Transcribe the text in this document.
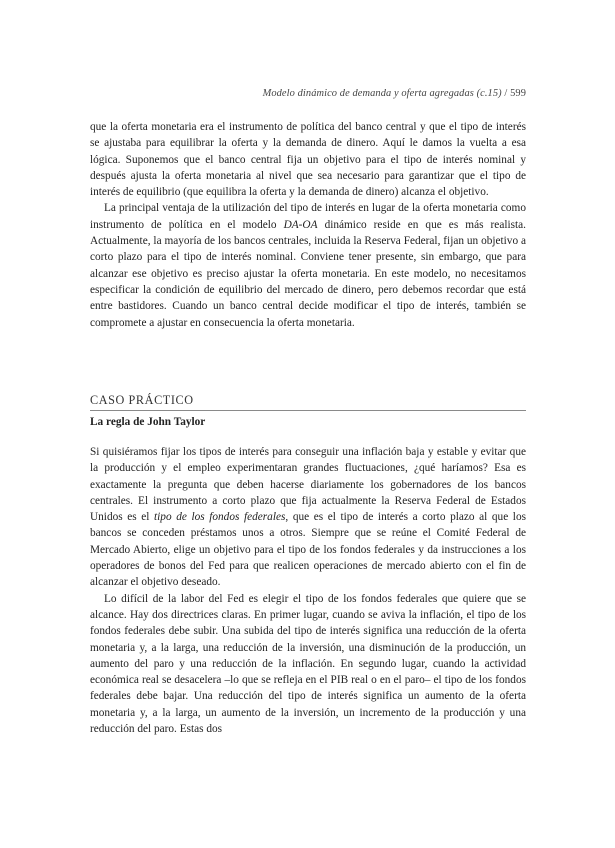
Modelo dinámico de demanda y oferta agregadas (c.15) / 599

que la oferta monetaria era el instrumento de política del banco central y que el tipo de interés se ajustaba para equilibrar la oferta y la demanda de dinero. Aquí le damos la vuelta a esa lógica. Suponemos que el banco central fija un objetivo para el tipo de interés nominal y después ajusta la oferta monetaria al nivel que sea necesario para garantizar que el tipo de interés de equilibrio (que equilibra la oferta y la demanda de dinero) alcanza el objetivo.

La principal ventaja de la utilización del tipo de interés en lugar de la oferta monetaria como instrumento de política en el modelo DA-OA dinámico reside en que es más realista. Actualmente, la mayoría de los bancos centrales, incluida la Reserva Federal, fijan un objetivo a corto plazo para el tipo de interés nominal. Conviene tener presente, sin embargo, que para alcanzar ese objetivo es preciso ajustar la oferta monetaria. En este modelo, no necesitamos especificar la condición de equilibrio del mercado de dinero, pero debemos recordar que está entre bastidores. Cuando un banco central decide modificar el tipo de interés, también se compromete a ajustar en consecuencia la oferta monetaria.

CASO PRÁCTICO
La regla de John Taylor

Si quisiéramos fijar los tipos de interés para conseguir una inflación baja y estable y evitar que la producción y el empleo experimentaran grandes fluctuaciones, ¿qué haríamos? Esa es exactamente la pregunta que deben hacerse diariamente los gobernadores de los bancos centrales. El instrumento a corto plazo que fija actualmente la Reserva Federal de Estados Unidos es el tipo de los fondos federales, que es el tipo de interés a corto plazo al que los bancos se conceden préstamos unos a otros. Siempre que se reúne el Comité Federal de Mercado Abierto, elige un objetivo para el tipo de los fondos federales y da instrucciones a los operadores de bonos del Fed para que realicen operaciones de mercado abierto con el fin de alcanzar el objetivo deseado.

Lo difícil de la labor del Fed es elegir el tipo de los fondos federales que quiere que se alcance. Hay dos directrices claras. En primer lugar, cuando se aviva la inflación, el tipo de los fondos federales debe subir. Una subida del tipo de interés significa una reducción de la oferta monetaria y, a la larga, una reducción de la inversión, una disminución de la producción, un aumento del paro y una reducción de la inflación. En segundo lugar, cuando la actividad económica real se desacelera –lo que se refleja en el PIB real o en el paro– el tipo de los fondos federales debe bajar. Una reducción del tipo de interés significa un aumento de la oferta monetaria y, a la larga, un aumento de la inversión, un incremento de la producción y una reducción del paro. Estas dos
